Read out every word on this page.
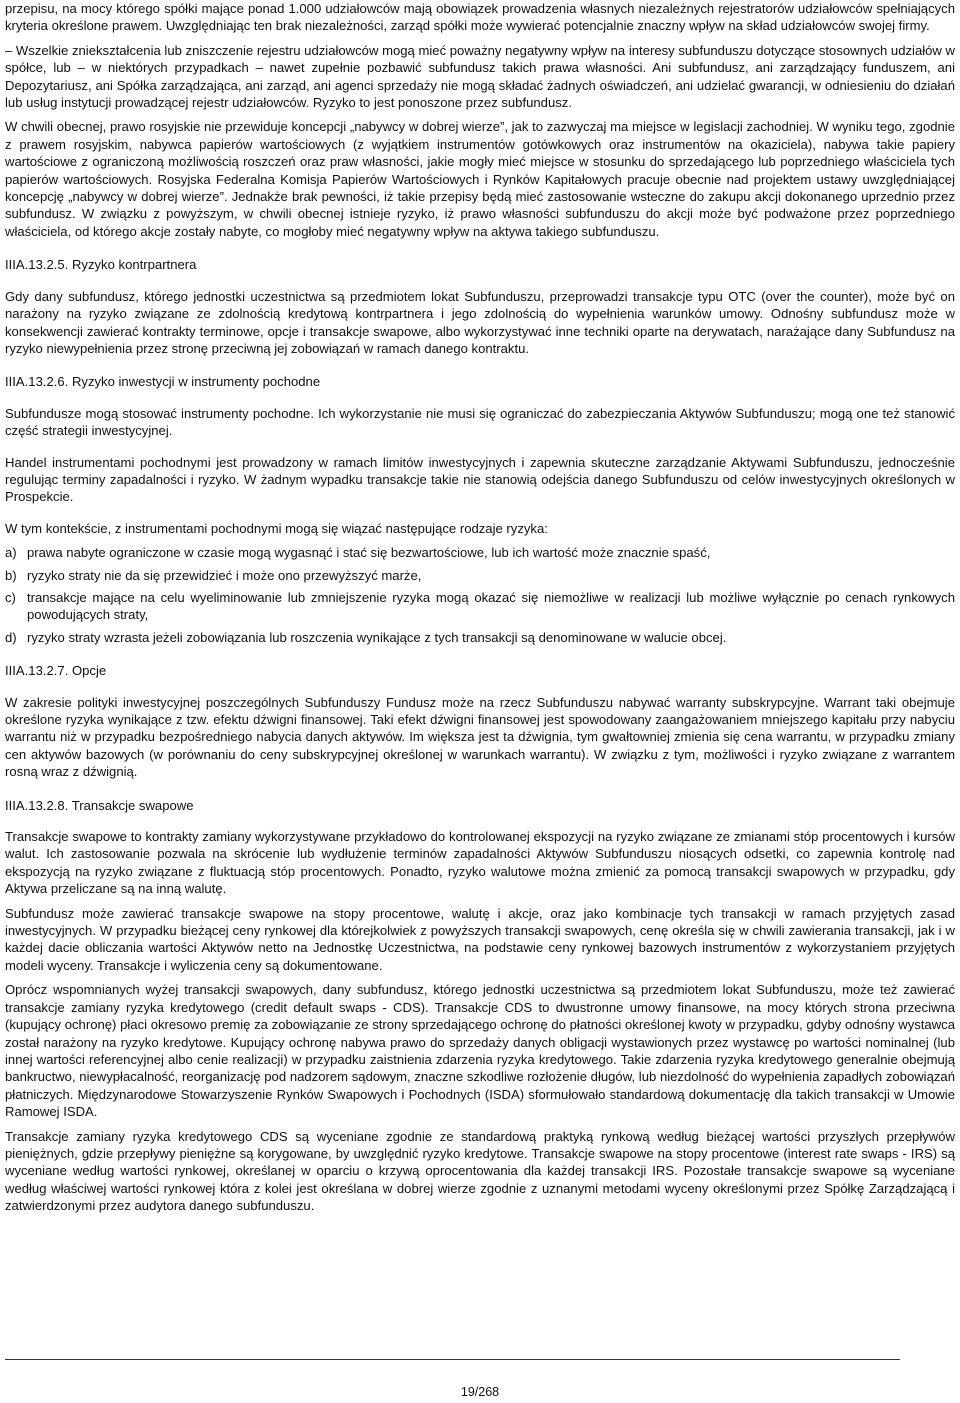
przepisu, na mocy którego spółki mające ponad 1.000 udziałowców mają obowiązek prowadzenia własnych niezależnych rejestratorów udziałowców spełniających kryteria określone prawem. Uwzględniając ten brak niezależności, zarząd spółki może wywierać potencjalnie znaczny wpływ na skład udziałowców swojej firmy.

– Wszelkie zniekształcenia lub zniszczenie rejestru udziałowców mogą mieć poważny negatywny wpływ na interesy subfunduszu dotyczące stosownych udziałów w spółce, lub – w niektórych przypadkach – nawet zupełnie pozbawić subfundusz takich prawa własności. Ani subfundusz, ani zarządzający funduszem, ani Depozytariusz, ani Spółka zarządzająca, ani zarząd, ani agenci sprzedaży nie mogą składać żadnych oświadczeń, ani udzielać gwarancji, w odniesieniu do działań lub usług instytucji prowadzącej rejestr udziałowców. Ryzyko to jest ponoszone przez subfundusz.

W chwili obecnej, prawo rosyjskie nie przewiduje koncepcji „nabywcy w dobrej wierze”, jak to zazwyczaj ma miejsce w legislacji zachodniej. W wyniku tego, zgodnie z prawem rosyjskim, nabywca papierów wartościowych (z wyjątkiem instrumentów gotówkowych oraz instrumentów na okaziciela), nabywa takie papiery wartościowe z ograniczoną możliwością roszczeń oraz praw własności, jakie mogły mieć miejsce w stosunku do sprzedającego lub poprzedniego właściciela tych papierów wartościowych. Rosyjska Federalna Komisja Papierów Wartościowych i Rynków Kapitałowych pracuje obecnie nad projektem ustawy uwzględniającej koncepcję „nabywcy w dobrej wierze”. Jednakże brak pewności, iż takie przepisy będą mieć zastosowanie wsteczne do zakupu akcji dokonanego uprzednio przez subfundusz. W związku z powyższym, w chwili obecnej istnieje ryzyko, iż prawo własności subfunduszu do akcji może być podważone przez poprzedniego właściciela, od którego akcje zostały nabyte, co mogłoby mieć negatywny wpływ na aktywa takiego subfunduszu.

IIIA.13.2.5. Ryzyko kontrpartnera

Gdy dany subfundusz, którego jednostki uczestnictwa są przedmiotem lokat Subfunduszu, przeprowadzi transakcje typu OTC (over the counter), może być on narażony na ryzyko związane ze zdolnością kredytową kontrpartnera i jego zdolnością do wypełnienia warunków umowy. Odnośny subfundusz może w konsekwencji zawierać kontrakty terminowe, opcje i transakcje swapowe, albo wykorzystywać inne techniki oparte na derywatach, narażające dany Subfundusz na ryzyko niewypełnienia przez stronę przeciwną jej zobowiązań w ramach danego kontraktu.

IIIA.13.2.6. Ryzyko inwestycji w instrumenty pochodne

Subfundusze mogą stosować instrumenty pochodne. Ich wykorzystanie nie musi się ograniczać do zabezpieczania Aktywów Subfunduszu; mogą one też stanowić część strategii inwestycyjnej.

Handel instrumentami pochodnymi jest prowadzony w ramach limitów inwestycyjnych i zapewnia skuteczne zarządzanie Aktywami Subfunduszu, jednocześnie regulując terminy zapadalności i ryzyko. W żadnym wypadku transakcje takie nie stanowią odejścia danego Subfunduszu od celów inwestycyjnych określonych w Prospekcie.

W tym kontekście, z instrumentami pochodnymi mogą się wiązać następujące rodzaje ryzyka:

a) prawa nabyte ograniczone w czasie mogą wygasnąć i stać się bezwartościowe, lub ich wartość może znacznie spaść,
b) ryzyko straty nie da się przewidzieć i może ono przewyższyć marże,
c) transakcje mające na celu wyeliminowanie lub zmniejszenie ryzyka mogą okazać się niemożliwe w realizacji lub możliwe wyłącznie po cenach rynkowych powodujących straty,
d) ryzyko straty wzrasta jeżeli zobowiązania lub roszczenia wynikające z tych transakcji są denominowane w walucie obcej.
IIIA.13.2.7. Opcje

W zakresie polityki inwestycyjnej poszczególnych Subfunduszy Fundusz może na rzecz Subfunduszu nabywać warranty subskrypcyjne. Warrant taki obejmuje określone ryzyka wynikające z tzw. efektu dźwigni finansowej. Taki efekt dźwigni finansowej jest spowodowany zaangażowaniem mniejszego kapitału przy nabyciu warrantu niż w przypadku bezpośredniego nabycia danych aktywów. Im większa jest ta dźwignia, tym gwałtowniej zmienia się cena warrantu, w przypadku zmiany cen aktywów bazowych (w porównaniu do ceny subskrypcyjnej określonej w warunkach warrantu). W związku z tym, możliwości i ryzyko związane z warrantem rosną wraz z dźwignią.

IIIA.13.2.8. Transakcje swapowe

Transakcje swapowe to kontrakty zamiany wykorzystywane przykładowo do kontrolowanej ekspozycji na ryzyko związane ze zmianami stóp procentowych i kursów walut. Ich zastosowanie pozwala na skrócenie lub wydłużenie terminów zapadalności Aktywów Subfunduszu niosących odsetki, co zapewnia kontrolę nad ekspozycją na ryzyko związane z fluktuacją stóp procentowych. Ponadto, ryzyko walutowe można zmienić za pomocą transakcji swapowych w przypadku, gdy Aktywa przeliczane są na inną walutę.

Subfundusz może zawierać transakcje swapowe na stopy procentowe, walutę i akcje, oraz jako kombinacje tych transakcji w ramach przyjętych zasad inwestycyjnych. W przypadku bieżącej ceny rynkowej dla którejkolwiek z powyższych transakcji swapowych, cenę określa się w chwili zawierania transakcji, jak i w każdej dacie obliczania wartości Aktywów netto na Jednostkę Uczestnictwa, na podstawie ceny rynkowej bazowych instrumentów z wykorzystaniem przyjętych modeli wyceny. Transakcje i wyliczenia ceny są dokumentowane.

Oprócz wspomnianych wyżej transakcji swapowych, dany subfundusz, którego jednostki uczestnictwa są przedmiotem lokat Subfunduszu, może też zawierać transakcje zamiany ryzyka kredytowego (credit default swaps - CDS). Transakcje CDS to dwustronne umowy finansowe, na mocy których strona przeciwna (kupujący ochronę) płaci okresowo premię za zobowiązanie ze strony sprzedającego ochronę do płatności określonej kwoty w przypadku, gdyby odnośny wystawca został narażony na ryzyko kredytowe. Kupujący ochronę nabywa prawo do sprzedaży danych obligacji wystawionych przez wystawcę po wartości nominalnej (lub innej wartości referencyjnej albo cenie realizacji) w przypadku zaistnienia zdarzenia ryzyka kredytowego. Takie zdarzenia ryzyka kredytowego generalnie obejmują bankructwo, niewypłacalność, reorganizację pod nadzorem sądowym, znaczne szkodliwe rozłożenie długów, lub niezdolność do wypełnienia zapadłych zobowiązań płatniczych. Międzynarodowe Stowarzyszenie Rynków Swapowych i Pochodnych (ISDA) sformułowało standardową dokumentację dla takich transakcji w Umowie Ramowej ISDA.

Transakcje zamiany ryzyka kredytowego CDS są wyceniane zgodnie ze standardową praktyką rynkową według bieżącej wartości przyszłych przepływów pieniężnych, gdzie przepływy pieniężne są korygowane, by uwzględnić ryzyko kredytowe. Transakcje swapowe na stopy procentowe (interest rate swaps - IRS) są wyceniane według wartości rynkowej, określanej w oparciu o krzywą oprocentowania dla każdej transakcji IRS. Pozostałe transakcje swapowe są wyceniane według właściwej wartości rynkowej która z kolei jest określana w dobrej wierze zgodnie z uznanymi metodami wyceny określonymi przez Spółkę Zarządzającą i zatwierdzonymi przez audytora danego subfunduszu.

19/268
